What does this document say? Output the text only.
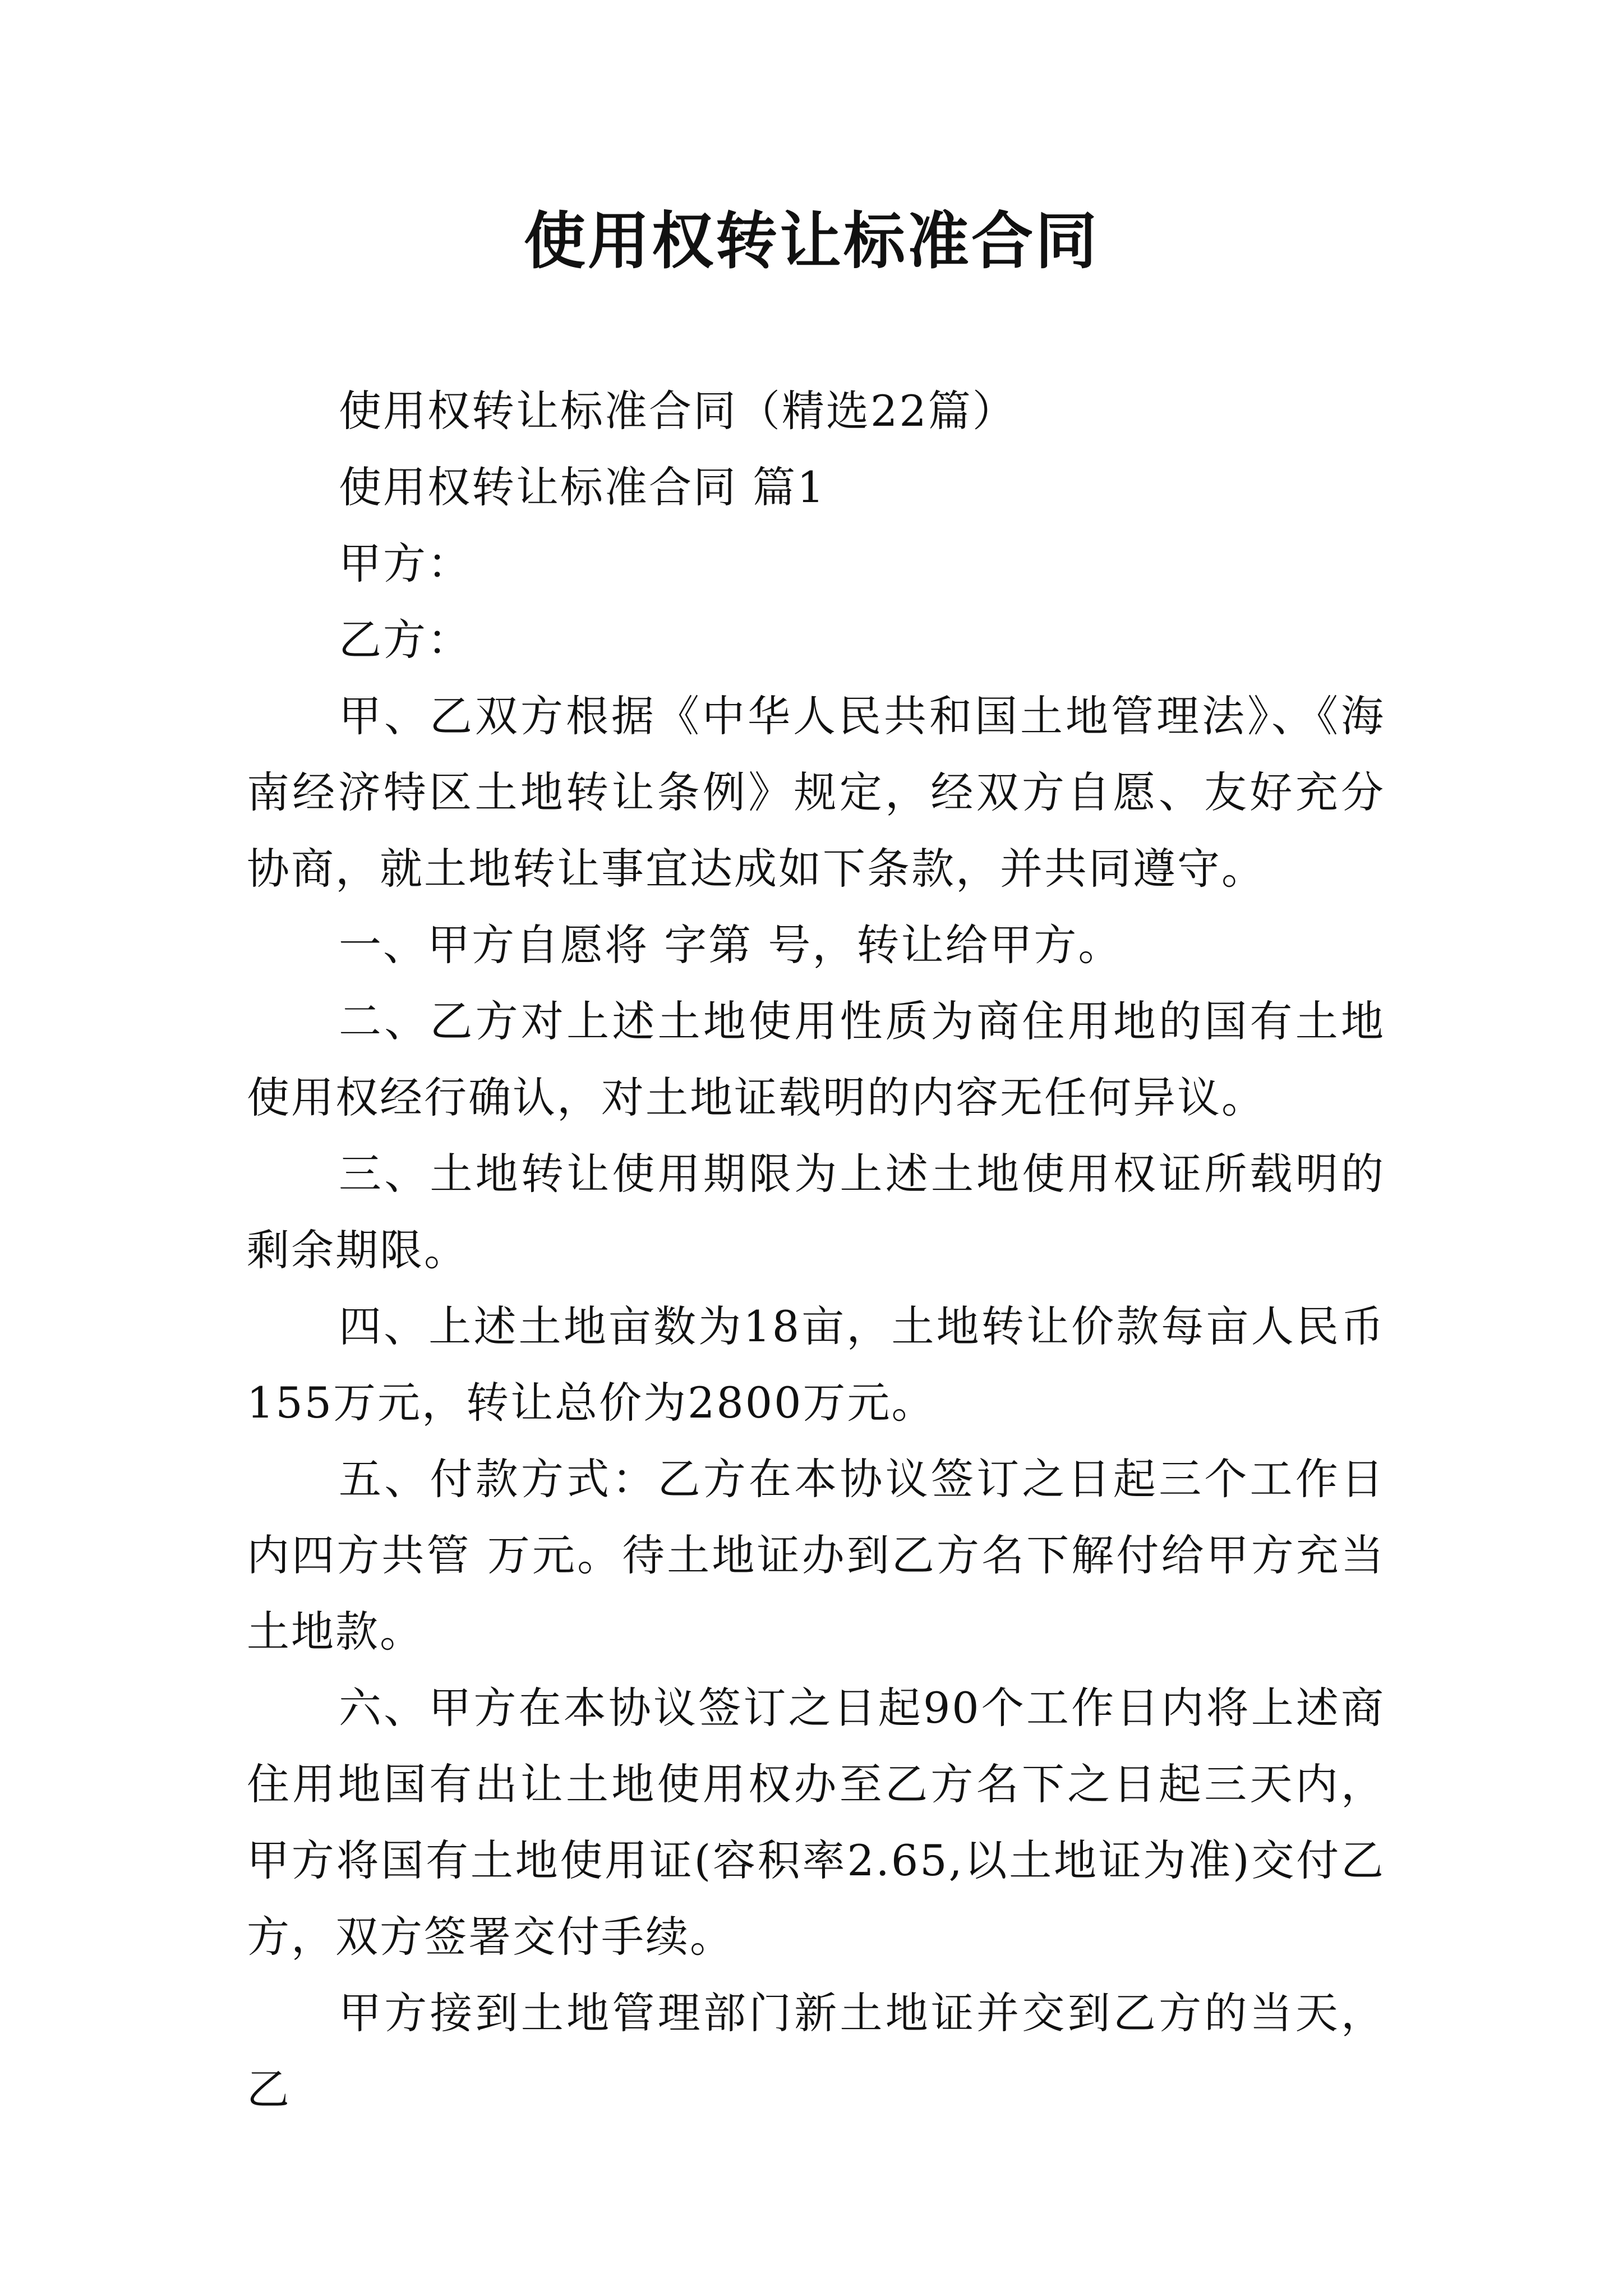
使用权转让标准合同

使用权转让标准合同（精选22篇）

使用权转让标准合同 篇1

甲方：

乙方：

甲、乙双方根据《中华人民共和国土地管理法》、《海南经济特区土地转让条例》规定，经双方自愿、友好充分协商，就土地转让事宜达成如下条款，并共同遵守。

一、甲方自愿将 字第 号，转让给甲方。

二、乙方对上述土地使用性质为商住用地的国有土地使用权经行确认，对土地证载明的内容无任何异议。

三、土地转让使用期限为上述土地使用权证所载明的剩余期限。

四、上述土地亩数为18亩，土地转让价款每亩人民币155万元，转让总价为2800万元。

五、付款方式：乙方在本协议签订之日起三个工作日内四方共管 万元。待土地证办到乙方名下解付给甲方充当土地款。

六、甲方在本协议签订之日起90个工作日内将上述商住用地国有出让土地使用权办至乙方名下之日起三天内，甲方将国有土地使用证(容积率2.65,以土地证为准)交付乙方，双方签署交付手续。

甲方接到土地管理部门新土地证并交到乙方的当天，乙
